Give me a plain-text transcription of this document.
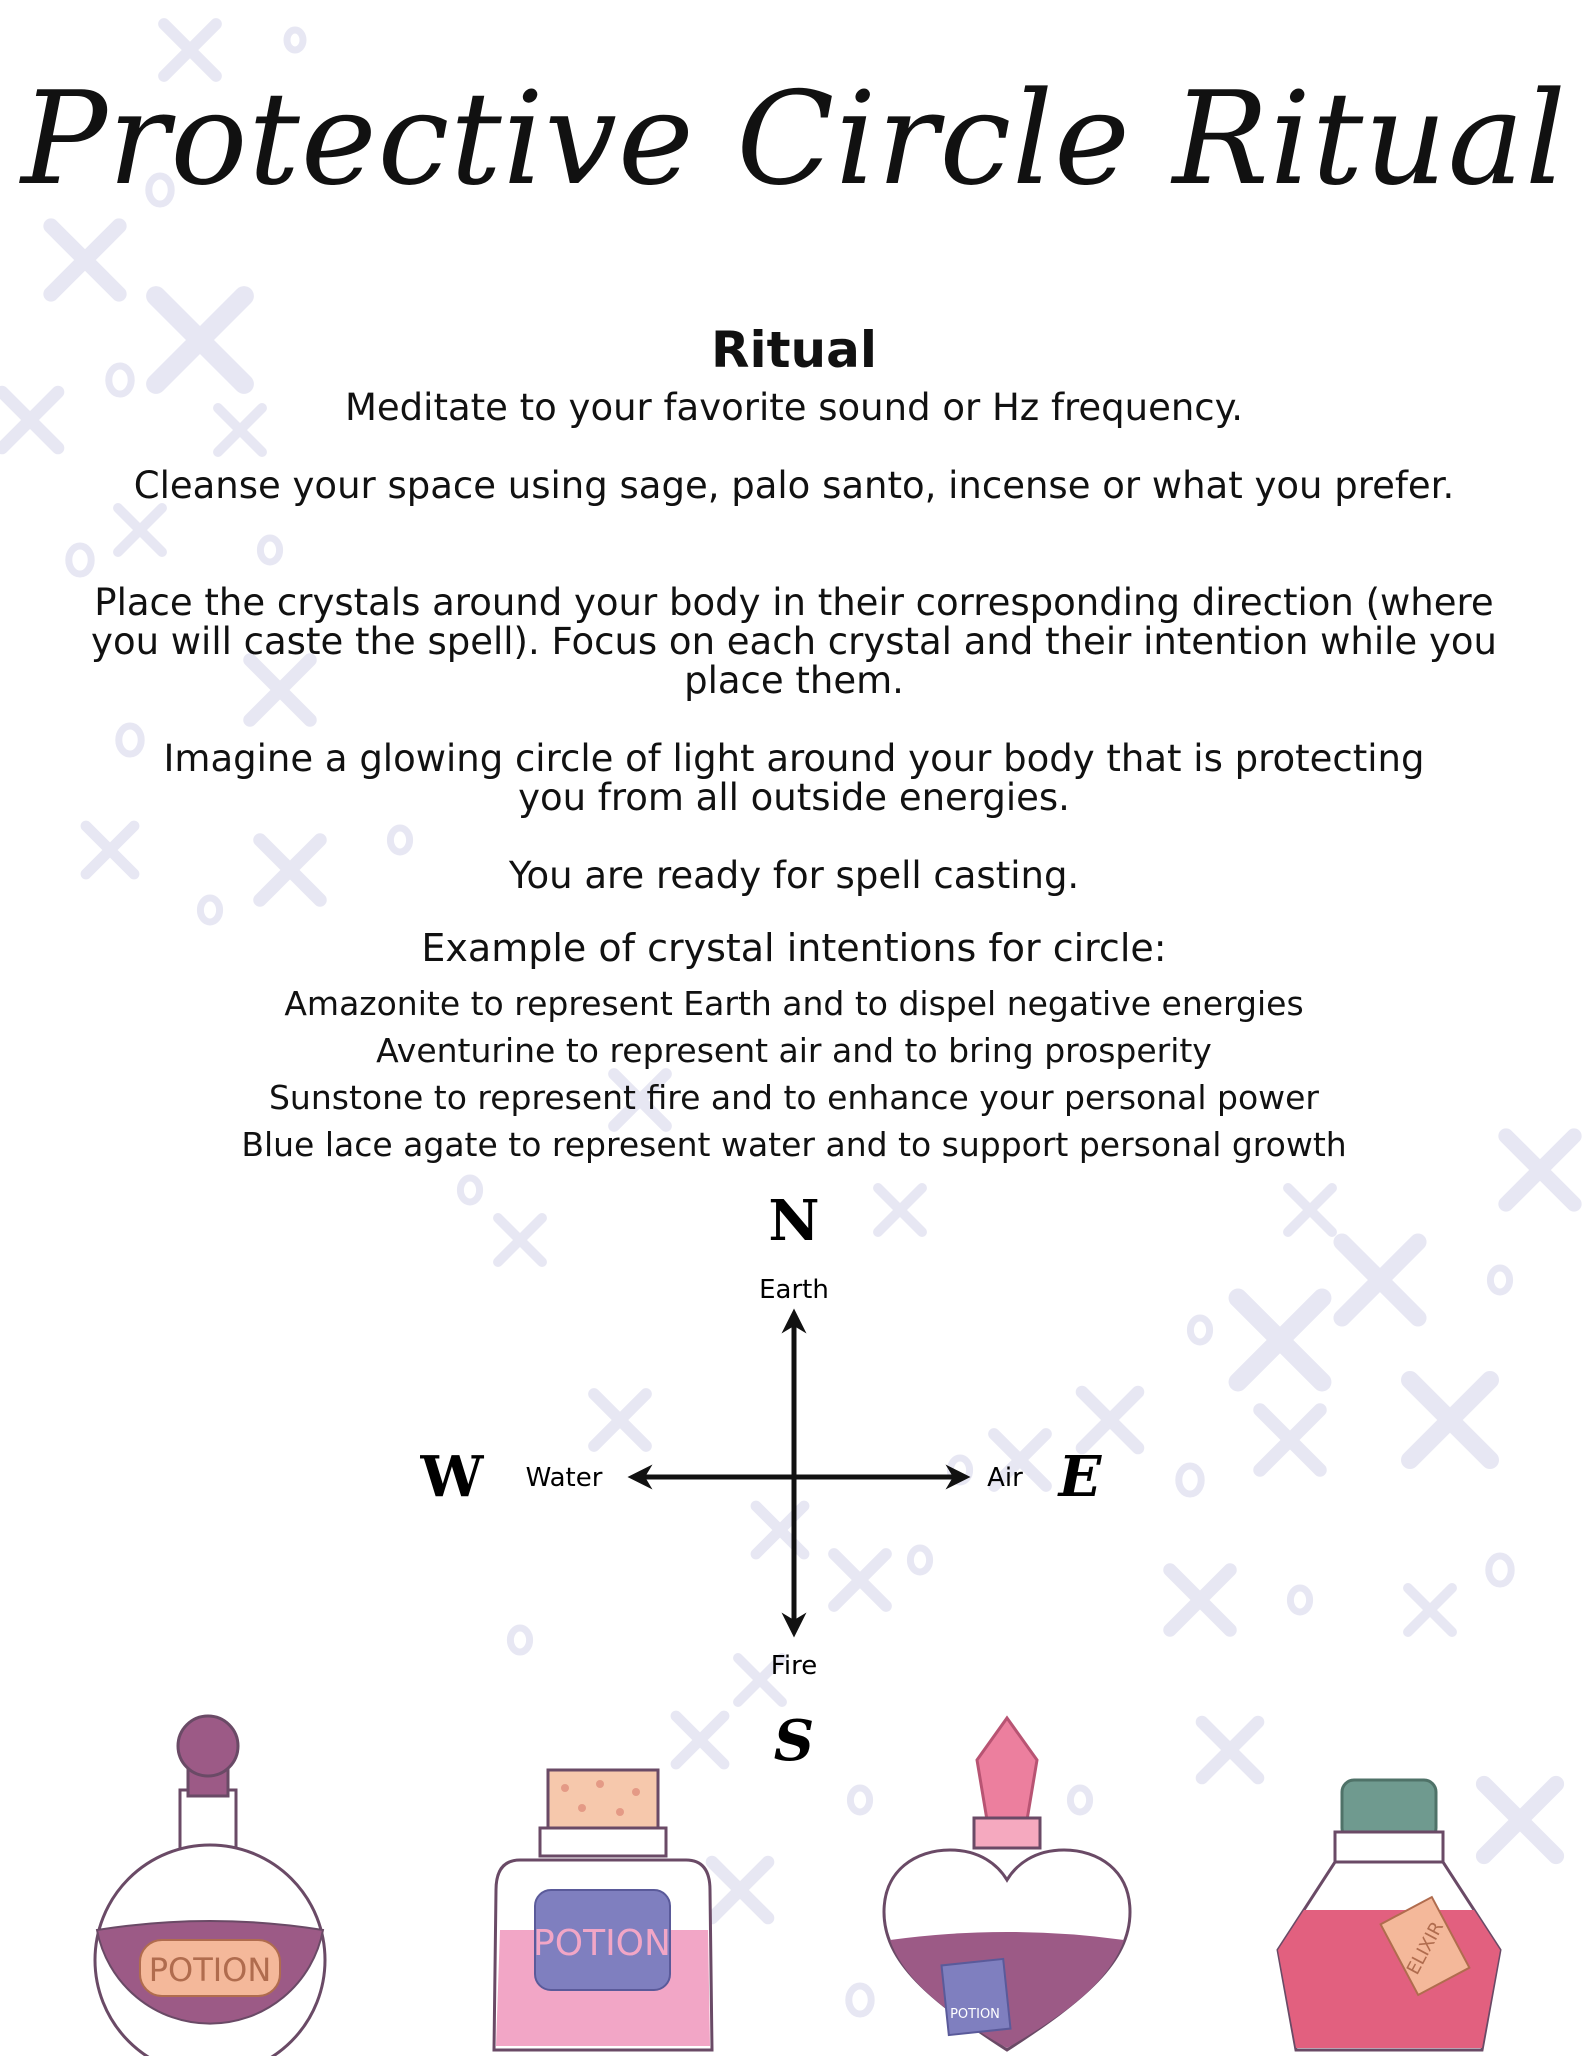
Protective Circle Ritual
Ritual

Meditate to your favorite sound or Hz frequency.

Cleanse your space using sage, palo santo, incense or what you prefer.

Place the crystals around your body in their corresponding direction (where you will caste the spell). Focus on each crystal and their intention while you place them.

Imagine a glowing circle of light around your body that is protecting you from all outside energies.

You are ready for spell casting.

Example of crystal intentions for circle:
Amazonite to represent Earth and to dispel negative energies
Aventurine to represent air and to bring prosperity
Sunstone to represent fire and to enhance your personal power
Blue lace agate to represent water and to support personal growth
N
Earth
W Water	Air E
Fire
S
POTION
POTION
POTION
ELIXIR
